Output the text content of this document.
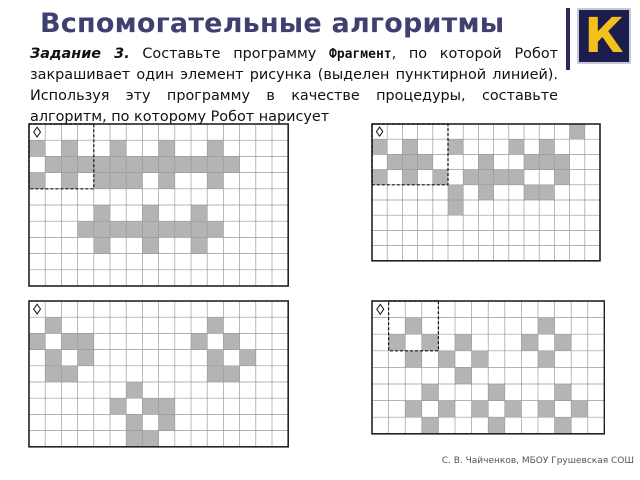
Вспомогательные алгоритмы К
Задание 3. Составьте программу Фрагмент, по которой Робот закрашивает один элемент рисунка (выделен пунктирной линией). Используя эту программу в качестве процедуры, составьте алгоритм, по которому Робот нарисует
С. В. Чайченков, МБОУ Грушевская СОШ
